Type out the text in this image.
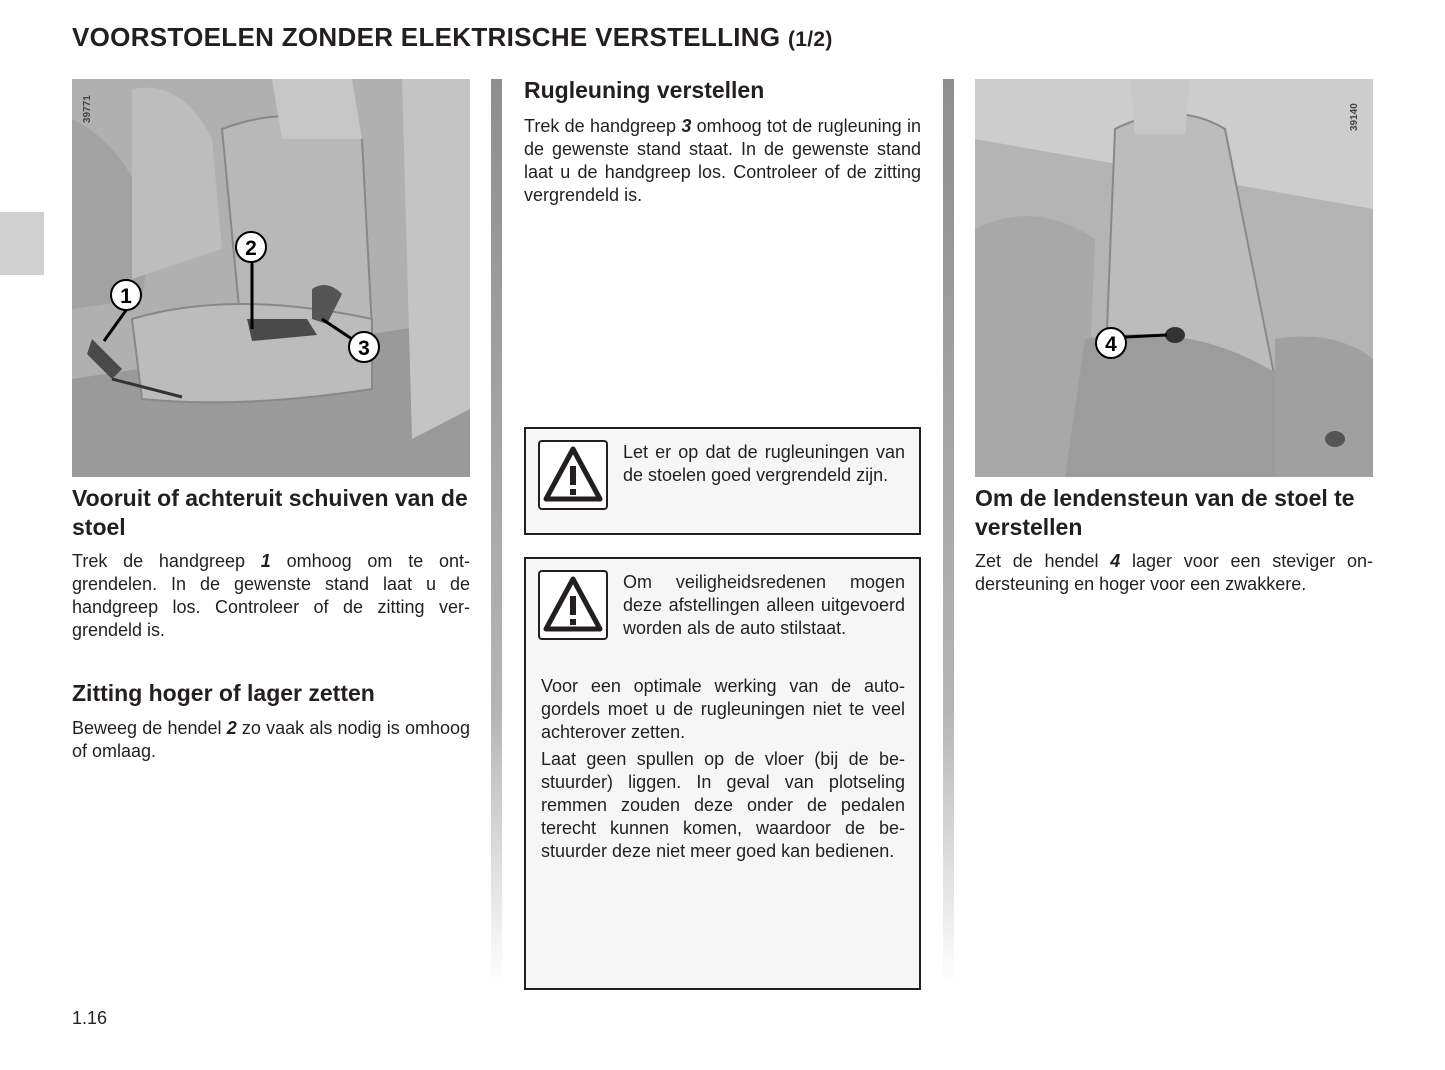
VOORSTOELEN ZONDER ELEKTRISCHE VERSTELLING (1/2)
1
2
3
39771
4
39140
Vooruit of achteruit schuiven van de stoel

Trek de handgreep 1 omhoog om te ontgrendelen. In de gewenste stand laat u de handgreep los. Controleer of de zitting vergrendeld is.

Zitting hoger of lager zetten

Beweeg de hendel 2 zo vaak als nodig is omhoog of omlaag.

Rugleuning verstellen

Trek de handgreep 3 omhoog tot de rugleuning in de gewenste stand staat. In de gewenste stand laat u de handgreep los. Controleer of de zitting vergrendeld is.

Let er op dat de rugleuningen van de stoelen goed vergrendeld zijn.

Om veiligheidsredenen mogen deze afstellingen alleen uitgevoerd worden als de auto stilstaat.

Voor een optimale werking van de autogordels moet u de rugleuningen niet te veel achterover zetten.

Laat geen spullen op de vloer (bij de bestuurder) liggen. In geval van plotseling remmen zouden deze onder de pedalen terecht kunnen komen, waardoor de bestuurder deze niet meer goed kan bedienen.

Om de lendensteun van de stoel te verstellen

Zet de hendel 4 lager voor een steviger ondersteuning en hoger voor een zwakkere.

1.16
